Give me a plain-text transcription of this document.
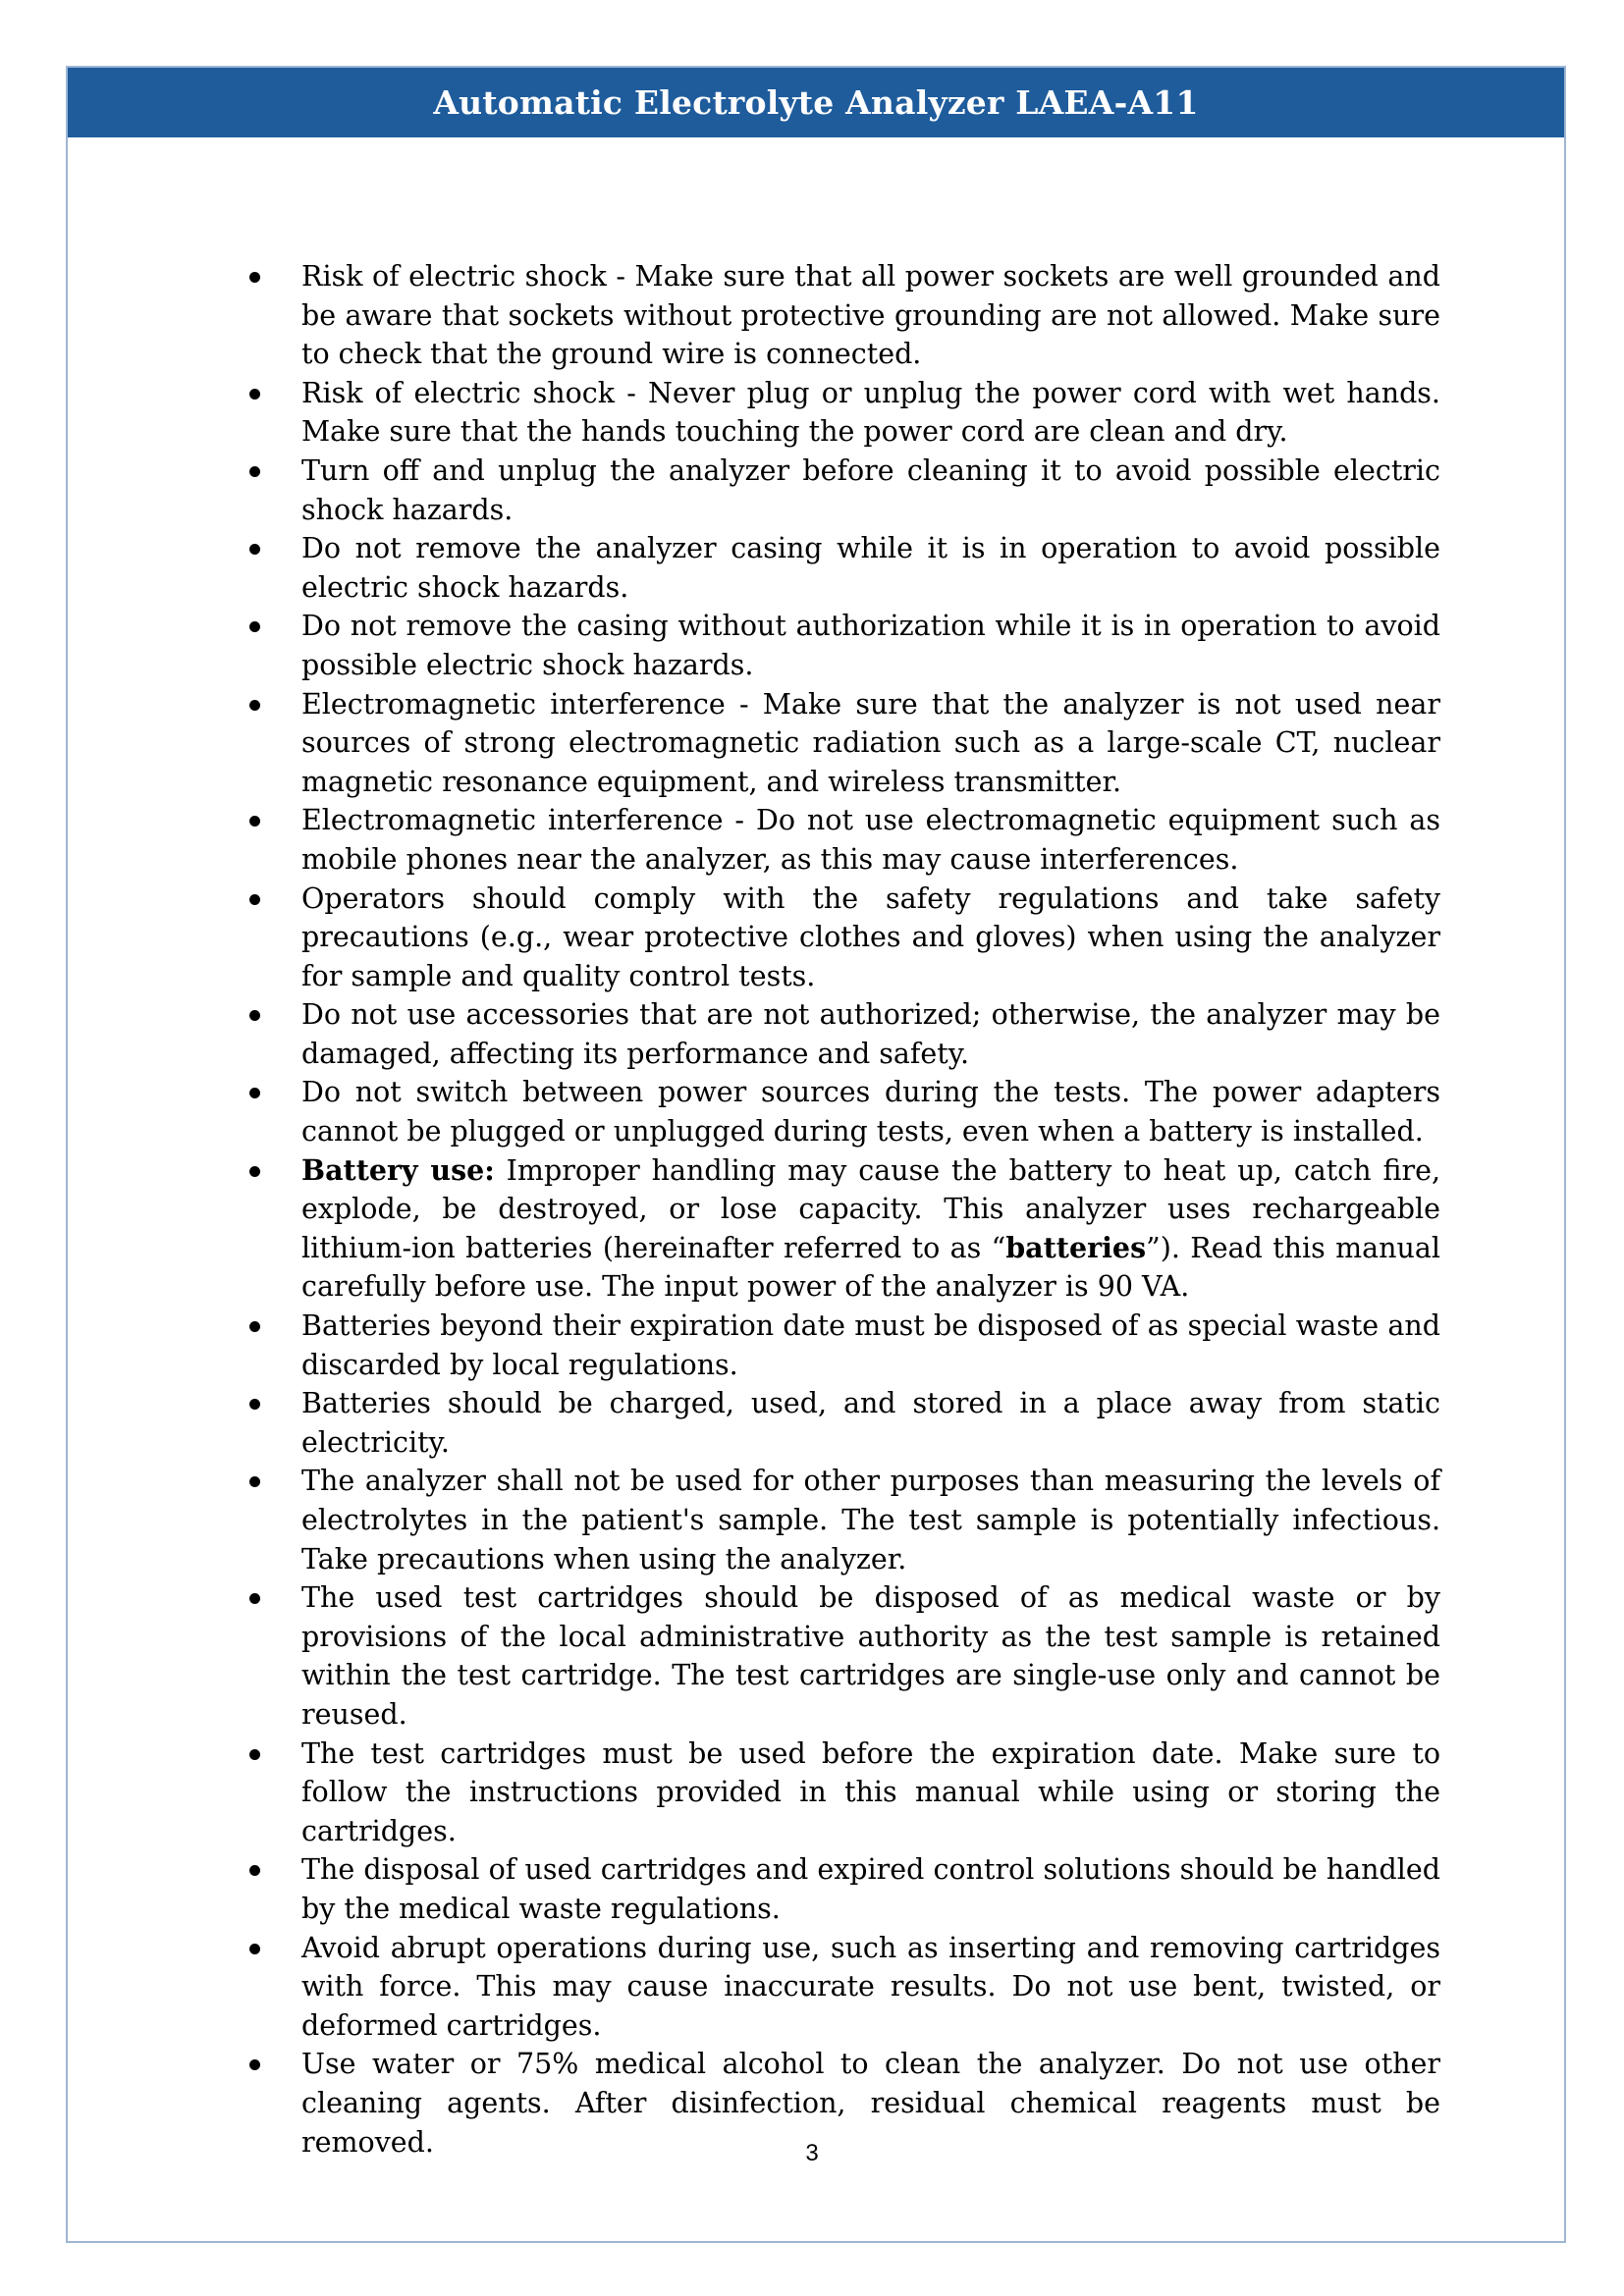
Automatic Electrolyte Analyzer LAEA-A11
Risk of electric shock - Make sure that all power sockets are well grounded and be aware that sockets without protective grounding are not allowed. Make sure to check that the ground wire is connected.
Risk of electric shock - Never plug or unplug the power cord with wet hands. Make sure that the hands touching the power cord are clean and dry.
Turn off and unplug the analyzer before cleaning it to avoid possible electric shock hazards.
Do not remove the analyzer casing while it is in operation to avoid possible electric shock hazards.
Do not remove the casing without authorization while it is in operation to avoid possible electric shock hazards.
Electromagnetic interference - Make sure that the analyzer is not used near sources of strong electromagnetic radiation such as a large-scale CT, nuclear magnetic resonance equipment, and wireless transmitter.
Electromagnetic interference - Do not use electromagnetic equipment such as mobile phones near the analyzer, as this may cause interferences.
Operators should comply with the safety regulations and take safety precautions (e.g., wear protective clothes and gloves) when using the analyzer for sample and quality control tests.
Do not use accessories that are not authorized; otherwise, the analyzer may be damaged, affecting its performance and safety.
Do not switch between power sources during the tests. The power adapters cannot be plugged or unplugged during tests, even when a battery is installed.
Battery use: Improper handling may cause the battery to heat up, catch fire, explode, be destroyed, or lose capacity. This analyzer uses rechargeable lithium-ion batteries (hereinafter referred to as “batteries”). Read this manual carefully before use. The input power of the analyzer is 90 VA.
Batteries beyond their expiration date must be disposed of as special waste and discarded by local regulations.
Batteries should be charged, used, and stored in a place away from static electricity.
The analyzer shall not be used for other purposes than measuring the levels of electrolytes in the patient's sample. The test sample is potentially infectious. Take precautions when using the analyzer.
The used test cartridges should be disposed of as medical waste or by provisions of the local administrative authority as the test sample is retained within the test cartridge. The test cartridges are single-use only and cannot be reused.
The test cartridges must be used before the expiration date. Make sure to follow the instructions provided in this manual while using or storing the cartridges.
The disposal of used cartridges and expired control solutions should be handled by the medical waste regulations.
Avoid abrupt operations during use, such as inserting and removing cartridges with force. This may cause inaccurate results. Do not use bent, twisted, or deformed cartridges.
Use water or 75% medical alcohol to clean the analyzer. Do not use other cleaning agents. After disinfection, residual chemical reagents must be removed.	3
